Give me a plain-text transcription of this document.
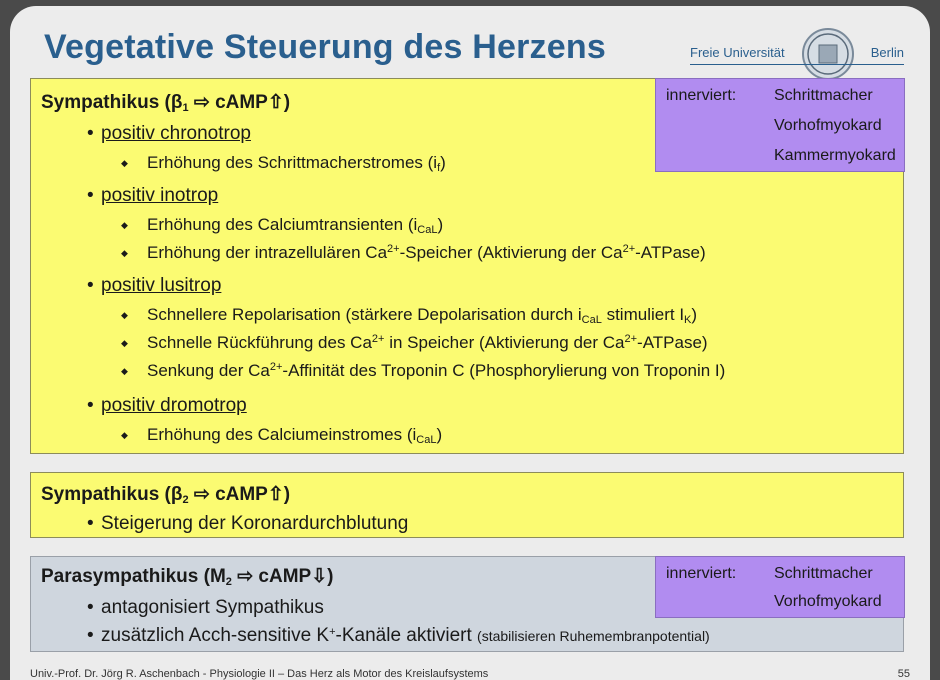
Vegetative Steuerung des Herzens	Freie Universität	Berlin
Sympathikus ($\beta_1$ ⇨ cAMP⇧)	innerviert: Schrittmacher
Vorhofmyokard
Kammermyokard
• positiv chronotrop
◆ Erhöhung des Schrittmacherstromes $(i_f)$
• positiv inotrop
◆ Erhöhung des Calciumtransienten $(i_{CaL})$
◆ Erhöhung der intrazellulären $Ca^{2+}$-Speicher (Aktivierung der $Ca^{2+}-ATPase$)
• positiv lusitrop
◆ Schnellere Repolarisation (stärkere Depolarisation durch $i_{CaL}$ stimuliert $I_K$)
◆ Schnelle Rückführung des $Ca^{2+}$ in Speicher (Aktivierung der $Ca^{2+}-ATPase$)
◆ Senkung der $Ca^{2+}$-Affinität des Troponin C (Phosphorylierung von Troponin I)
• positiv dromotrop
◆ Erhöhung des Calciumeinstromes $(i_{CaL})$
Sympathikus ($\beta_2$ ⇨ cAMP⇧)
• Steigerung der Koronardurchblutung
Parasympathikus ($M_2$ ⇨ cAMP⇩)	innerviert: Schrittmacher
Vorhofmyokard
• antagonisiert Sympathikus
• zusätzlich Acch-sensitive K+-Kanäle aktiviert (stabilisieren Ruhemembranpotential)
Univ.-Prof. Dr. Jörg R. Aschenbach - Physiologie II – Das Herz als Motor des Kreislaufsystems	55
